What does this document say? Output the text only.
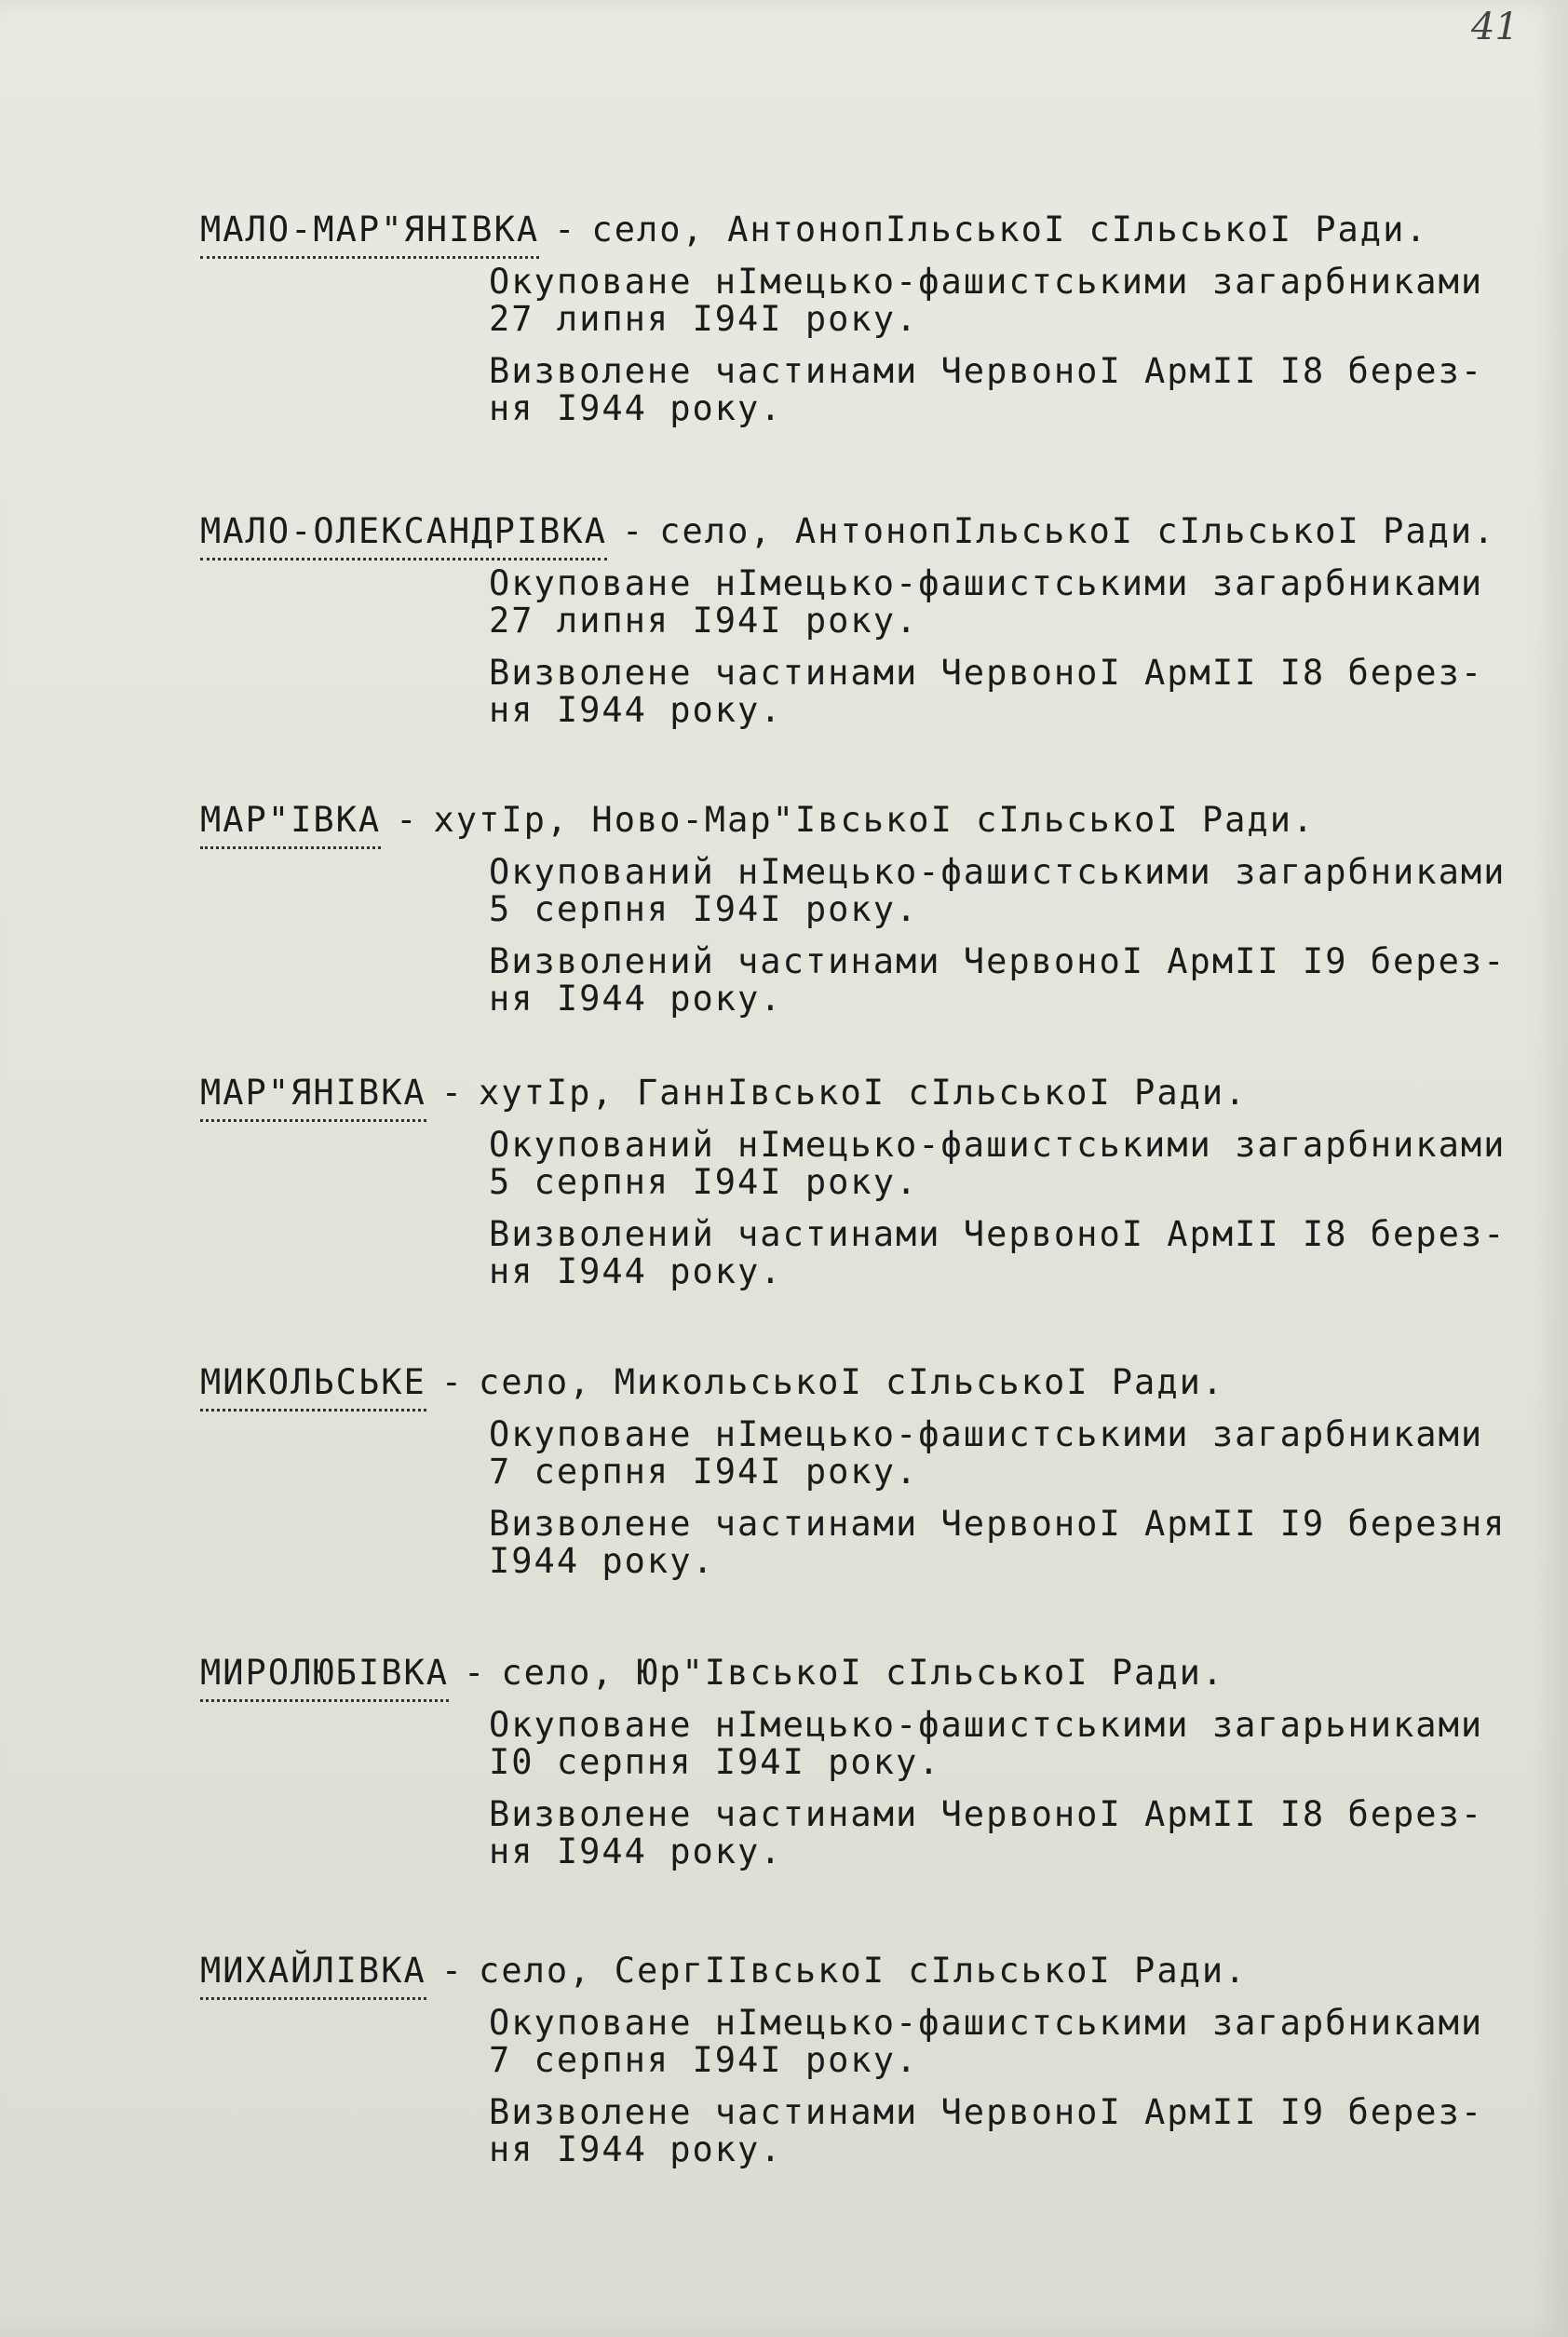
41
МАЛО-МАР"ЯНІВКА - село, АнтонопІльськоІ сІльськоІ Ради.
Окуповане нІмецько-фашистськими загарбниками
27 липня І94І року.
Визволене частинами ЧервоноІ АрмІІ І8 берез-
ня І944 року.
МАЛО-ОЛЕКСАНДРІВКА - село, АнтонопІльськоІ сІльськоІ Ради.
Окуповане нІмецько-фашистськими загарбниками
27 липня І94І року.
Визволене частинами ЧервоноІ АрмІІ І8 берез-
ня І944 року.
МАР"ІВКА - хутІр, Ново-Мар"ІвськоІ сІльськоІ Ради.
Окупований нІмецько-фашистськими загарбниками
5 серпня І94І року.
Визволений частинами ЧервоноІ АрмІІ І9 берез-
ня І944 року.
МАР"ЯНІВКА - хутІр, ГаннІвськоІ сІльськоІ Ради.
Окупований нІмецько-фашистськими загарбниками
5 серпня І94І року.
Визволений частинами ЧервоноІ АрмІІ І8 берез-
ня І944 року.
МИКОЛЬСЬКЕ - село, МикольськоІ сІльськоІ Ради.
Окуповане нІмецько-фашистськими загарбниками
7 серпня І94І року.
Визволене частинами ЧервоноІ АрмІІ І9 березня
І944 року.
МИРОЛЮБІВКА - село, Юр"ІвськоІ сІльськоІ Ради.
Окуповане нІмецько-фашистськими загарьниками
І0 серпня І94І року.
Визволене частинами ЧервоноІ АрмІІ І8 берез-
ня І944 року.
МИХАЙЛІВКА - село, СергІІвськоІ сІльськоІ Ради.
Окуповане нІмецько-фашистськими загарбниками
7 серпня І94І року.
Визволене частинами ЧервоноІ АрмІІ І9 берез-
ня І944 року.
